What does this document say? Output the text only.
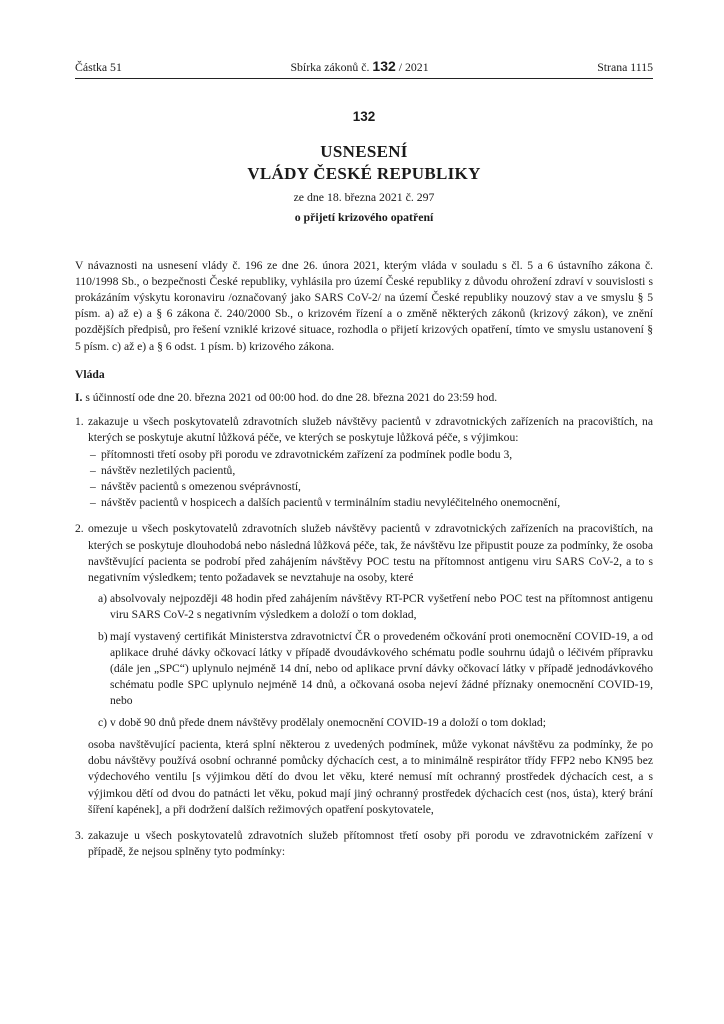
Částka 51	Sbírka zákonů č. 132 / 2021	Strana 1115
132
USNESENÍ
VLÁDY ČESKÉ REPUBLIKY
ze dne 18. března 2021 č. 297
o přijetí krizového opatření

V návaznosti na usnesení vlády č. 196 ze dne 26. února 2021, kterým vláda v souladu s čl. 5 a 6 ústavního zákona č. 110/1998 Sb., o bezpečnosti České republiky, vyhlásila pro území České republiky z důvodu ohrožení zdraví v souvislosti s prokázáním výskytu koronaviru /označovaný jako SARS CoV-2/ na území České republiky nouzový stav a ve smyslu § 5 písm. a) až e) a § 6 zákona č. 240/2000 Sb., o krizovém řízení a o změně některých zákonů (krizový zákon), ve znění pozdějších předpisů, pro řešení vzniklé krizové situace, rozhodla o přijetí krizových opatření, tímto ve smyslu ustanovení § 5 písm. c) až e) a § 6 odst. 1 písm. b) krizového zákona.

Vláda

I. s účinností ode dne 20. března 2021 od 00:00 hod. do dne 28. března 2021 do 23:59 hod.

1. zakazuje u všech poskytovatelů zdravotních služeb návštěvy pacientů v zdravotnických zařízeních na pracovištích, na kterých se poskytuje akutní lůžková péče, ve kterých se poskytuje lůžková péče, s výjimkou:
– přítomnosti třetí osoby při porodu ve zdravotnickém zařízení za podmínek podle bodu 3,
– návštěv nezletilých pacientů,
– návštěv pacientů s omezenou svéprávností,
– návštěv pacientů v hospicech a dalších pacientů v terminálním stadiu nevyléčitelného onemocnění,
2. omezuje u všech poskytovatelů zdravotních služeb návštěvy pacientů v zdravotnických zařízeních na pracovištích, na kterých se poskytuje dlouhodobá nebo následná lůžková péče, tak, že návštěvu lze připustit pouze za podmínky, že osoba navštěvující pacienta se podrobí před zahájením návštěvy POC testu na přítomnost antigenu viru SARS CoV-2, a to s negativním výsledkem; tento požadavek se nevztahuje na osoby, které
a) absolvovaly nejpozději 48 hodin před zahájením návštěvy RT-PCR vyšetření nebo POC test na přítomnost antigenu viru SARS CoV-2 s negativním výsledkem a doloží o tom doklad,
b) mají vystavený certifikát Ministerstva zdravotnictví ČR o provedeném očkování proti onemocnění COVID-19, a od aplikace druhé dávky očkovací látky v případě dvoudávkového schématu podle souhrnu údajů o léčivém přípravku (dále jen „SPC“) uplynulo nejméně 14 dní, nebo od aplikace první dávky očkovací látky v případě jednodávkového schématu podle SPC uplynulo nejméně 14 dnů, a očkovaná osoba nejeví žádné příznaky onemocnění COVID-19, nebo
c) v době 90 dnů přede dnem návštěvy prodělaly onemocnění COVID-19 a doloží o tom doklad;
osoba navštěvující pacienta, která splní některou z uvedených podmínek, může vykonat návštěvu za podmínky, že po dobu návštěvy používá osobní ochranné pomůcky dýchacích cest, a to minimálně respirátor třídy FFP2 nebo KN95 bez výdechového ventilu [s výjimkou dětí do dvou let věku, které nemusí mít ochranný prostředek dýchacích cest, a s výjimkou dětí od dvou do patnácti let věku, pokud mají jiný ochranný prostředek dýchacích cest (nos, ústa), který brání šíření kapének], a při dodržení dalších režimových opatření poskytovatele,
3. zakazuje u všech poskytovatelů zdravotních služeb přítomnost třetí osoby při porodu ve zdravotnickém zařízení v případě, že nejsou splněny tyto podmínky:
